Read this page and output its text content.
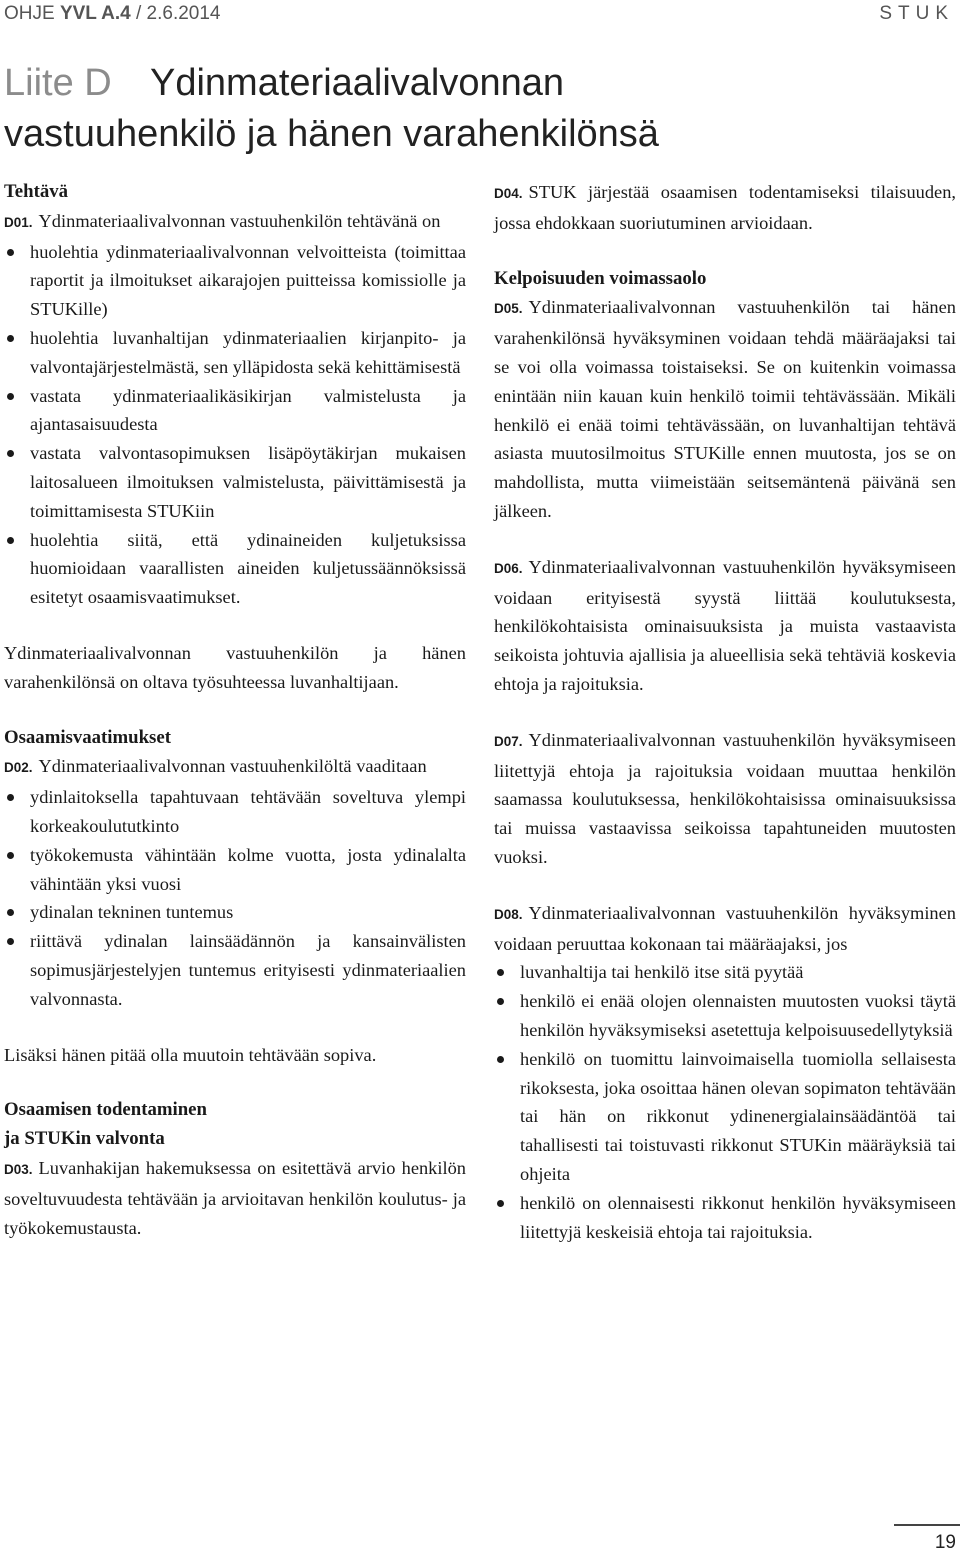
OHJE YVL A.4 / 2.6.2014	STUK
Liite D Ydinmateriaalivalvonnan
vastuuhenkilö ja hänen varahenkilönsä

Tehtävä

D01. Ydinmateriaalivalvonnan vastuuhenkilön tehtävänä on

huolehtia ydinmateriaalivalvonnan velvoitteista (toimittaa raportit ja ilmoitukset aikarajojen puitteissa komissiolle ja STUKille)
huolehtia luvanhaltijan ydinmateriaalien kirjanpito- ja valvontajärjestelmästä, sen ylläpidosta sekä kehittämisestä
vastata ydinmateriaalikäsikirjan valmistelusta ja ajantasaisuudesta
vastata valvontasopimuksen lisäpöytäkirjan mukaisen laitosalueen ilmoituksen valmistelusta, päivittämisestä ja toimittamisesta STUKiin
huolehtia siitä, että ydinaineiden kuljetuksissa huomioidaan vaarallisten aineiden kuljetussäännöksissä esitetyt osaamisvaatimukset.

Ydinmateriaalivalvonnan vastuuhenkilön ja hänen varahenkilönsä on oltava työsuhteessa luvanhaltijaan.

Osaamisvaatimukset

D02. Ydinmateriaalivalvonnan vastuuhenkilöltä vaaditaan

ydinlaitoksella tapahtuvaan tehtävään soveltuva ylempi korkeakoulututkinto
työkokemusta vähintään kolme vuotta, josta ydinalalta vähintään yksi vuosi
ydinalan tekninen tuntemus
riittävä ydinalan lainsäädännön ja kansainvälisten sopimusjärjestelyjen tuntemus erityisesti ydinmateriaalien valvonnasta.

Lisäksi hänen pitää olla muutoin tehtävään sopiva.

Osaamisen todentaminen

ja STUKin valvonta

D03. Luvanhakijan hakemuksessa on esitettävä arvio henkilön soveltuvuudesta tehtävään ja arvioitavan henkilön koulutus- ja työkokemustausta.

D04. STUK järjestää osaamisen todentamiseksi tilaisuuden, jossa ehdokkaan suoriutuminen arvioidaan.

Kelpoisuuden voimassaolo

D05. Ydinmateriaalivalvonnan vastuuhenkilön tai hänen varahenkilönsä hyväksyminen voidaan tehdä määräajaksi tai se voi olla voimassa toistaiseksi. Se on kuitenkin voimassa enintään niin kauan kuin henkilö toimii tehtävässään. Mikäli henkilö ei enää toimi tehtävässään, on luvanhaltijan tehtävä asiasta muutosilmoitus STUKille ennen muutosta, jos se on mahdollista, mutta viimeistään seitsemäntenä päivänä sen jälkeen.

D06. Ydinmateriaalivalvonnan vastuuhenkilön hyväksymiseen voidaan erityisestä syystä liittää koulutuksesta, henkilökohtaisista ominaisuuksista ja muista vastaavista seikoista johtuvia ajallisia ja alueellisia sekä tehtäviä koskevia ehtoja ja rajoituksia.

D07. Ydinmateriaalivalvonnan vastuuhenkilön hyväksymiseen liitettyjä ehtoja ja rajoituksia voidaan muuttaa henkilön saamassa koulutuksessa, henkilökohtaisissa ominaisuuksissa tai muissa vastaavissa seikoissa tapahtuneiden muutosten vuoksi.

D08. Ydinmateriaalivalvonnan vastuuhenkilön hyväksyminen voidaan peruuttaa kokonaan tai määräajaksi, jos

luvanhaltija tai henkilö itse sitä pyytää
henkilö ei enää olojen olennaisten muutosten vuoksi täytä henkilön hyväksymiseksi asetettuja kelpoisuusedellytyksiä
henkilö on tuomittu lainvoimaisella tuomiolla sellaisesta rikoksesta, joka osoittaa hänen olevan sopimaton tehtävään tai hän on rikkonut ydinenergialainsäädäntöä tai tahallisesti tai toistuvasti rikkonut STUKin määräyksiä tai ohjeita
henkilö on olennaisesti rikkonut henkilön hyväksymiseen liitettyjä keskeisiä ehtoja tai rajoituksia.
19
